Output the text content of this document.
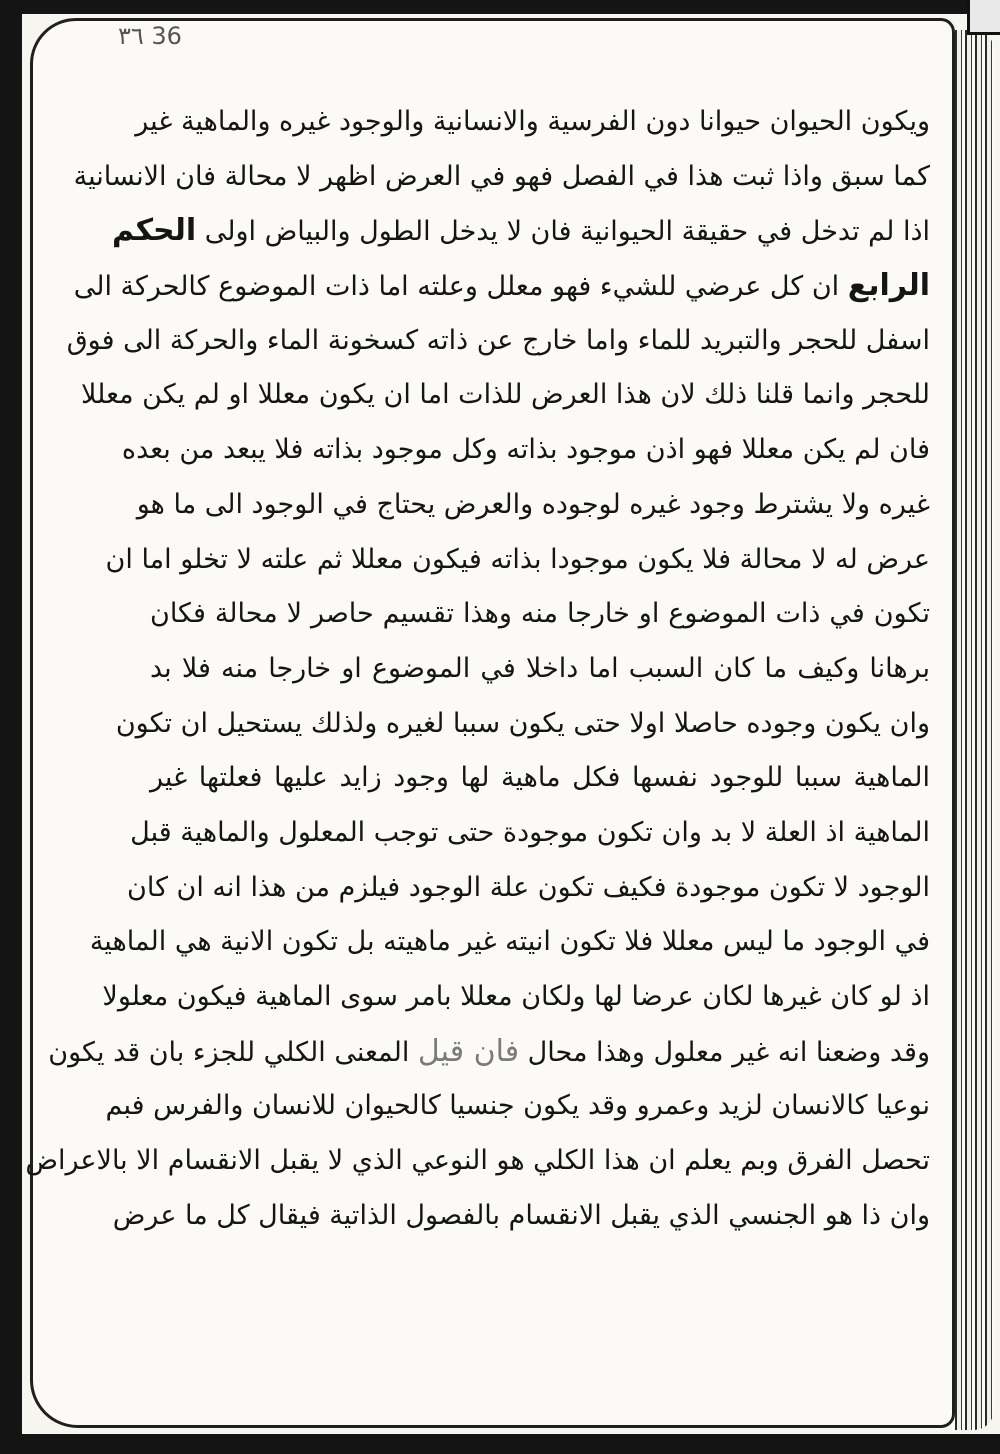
٣٦ 36
ويكون الحيوان حيوانا دون الفرسية والانسانية والوجود غيره والماهية غير
كما سبق واذا ثبت هذا في الفصل فهو في العرض اظهر لا محالة فان الانسانية
اذا لم تدخل في حقيقة الحيوانية فان لا يدخل الطول والبياض اولى الحكم
الرابع ان كل عرضي للشيء فهو معلل وعلته اما ذات الموضوع كالحركة الى
اسفل للحجر والتبريد للماء واما خارج عن ذاته كسخونة الماء والحركة الى فوق
للحجر وانما قلنا ذلك لان هذا العرض للذات اما ان يكون معللا او لم يكن معللا
فان لم يكن معللا فهو اذن موجود بذاته وكل موجود بذاته فلا يبعد من بعده
غيره ولا يشترط وجود غيره لوجوده والعرض يحتاج في الوجود الى ما هو
عرض له لا محالة فلا يكون موجودا بذاته فيكون معللا ثم علته لا تخلو اما ان
تكون في ذات الموضوع او خارجا منه وهذا تقسيم حاصر لا محالة فكان
برهانا وكيف ما كان السبب اما داخلا في الموضوع او خارجا منه فلا بد
وان يكون وجوده حاصلا اولا حتى يكون سببا لغيره ولذلك يستحيل ان تكون
الماهية سببا للوجود نفسها فكل ماهية لها وجود زايد عليها فعلتها غير
الماهية اذ العلة لا بد وان تكون موجودة حتى توجب المعلول والماهية قبل
الوجود لا تكون موجودة فكيف تكون علة الوجود فيلزم من هذا انه ان كان
في الوجود ما ليس معللا فلا تكون انيته غير ماهيته بل تكون الانية هي الماهية
اذ لو كان غيرها لكان عرضا لها ولكان معللا بامر سوى الماهية فيكون معلولا
وقد وضعنا انه غير معلول وهذا محال فان قيل المعنى الكلي للجزء بان قد يكون
نوعيا كالانسان لزيد وعمرو وقد يكون جنسيا كالحيوان للانسان والفرس فبم
تحصل الفرق وبم يعلم ان هذا الكلي هو النوعي الذي لا يقبل الانقسام الا بالاعراض
وان ذا هو الجنسي الذي يقبل الانقسام بالفصول الذاتية فيقال كل ما عرض
